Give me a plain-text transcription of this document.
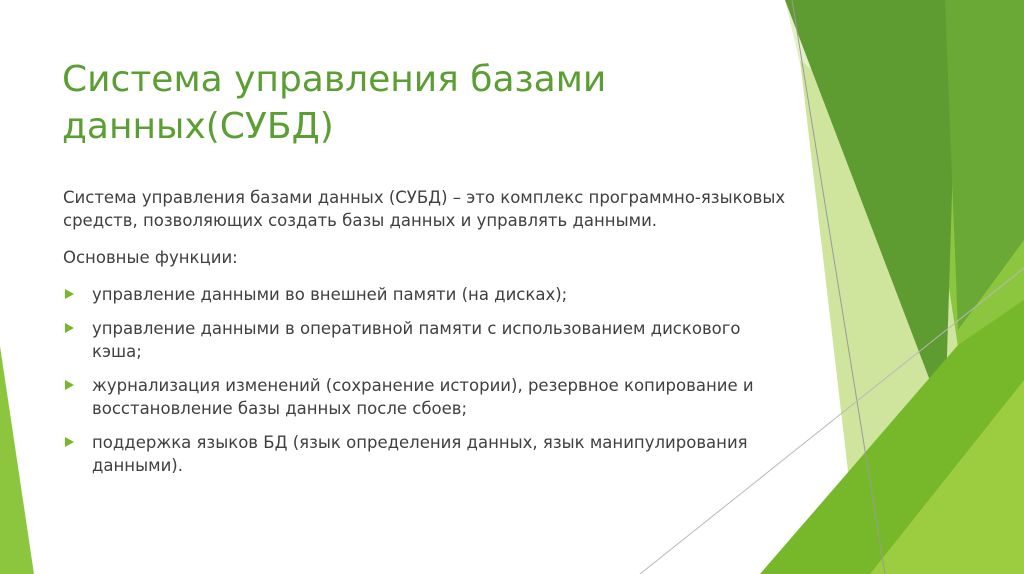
Система управления базами данных(СУБД)

Система управления базами данных (СУБД) – это комплекс программно-языковых средств, позволяющих создать базы данных и управлять данными.

Основные функции:

управление данными во внешней памяти (на дисках);
управление данными в оперативной памяти с использованием дискового кэша;
журнализация изменений (сохранение истории), резервное копирование и восстановление базы данных после сбоев;
поддержка языков БД (язык определения данных, язык манипулирования данными).
